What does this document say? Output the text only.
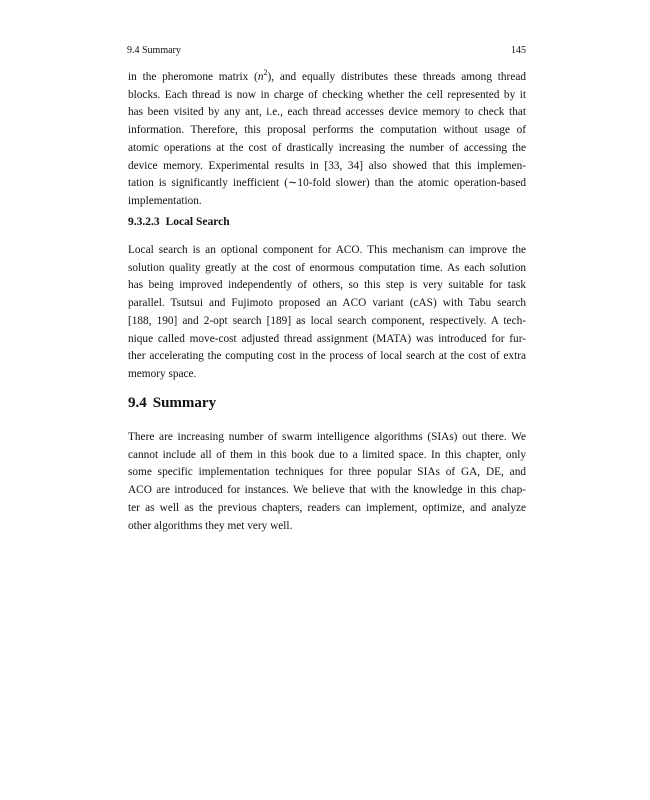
9.4 Summary	145
in the pheromone matrix $(n^2)$, and equally distributes these threads among thread
blocks. Each thread is now in charge of checking whether the cell represented by it
has been visited by any ant, i.e., each thread accesses device memory to check that
information. Therefore, this proposal performs the computation without usage of
atomic operations at the cost of drastically increasing the number of accessing the
device memory. Experimental results in [33, 34] also showed that this implemen-
tation is significantly inefficient (∼10-fold slower) than the atomic operation-based
implementation.
9.3.2.3 Local Search
Local search is an optional component for ACO. This mechanism can improve the
solution quality greatly at the cost of enormous computation time. As each solution
has being improved independently of others, so this step is very suitable for task
parallel. Tsutsui and Fujimoto proposed an ACO variant (cAS) with Tabu search
[188, 190] and 2-opt search [189] as local search component, respectively. A tech-
nique called move-cost adjusted thread assignment (MATA) was introduced for fur-
ther accelerating the computing cost in the process of local search at the cost of extra
memory space.
9.4 Summary
There are increasing number of swarm intelligence algorithms (SIAs) out there. We
cannot include all of them in this book due to a limited space. In this chapter, only
some specific implementation techniques for three popular SIAs of GA, DE, and
ACO are introduced for instances. We believe that with the knowledge in this chap-
ter as well as the previous chapters, readers can implement, optimize, and analyze
other algorithms they met very well.
